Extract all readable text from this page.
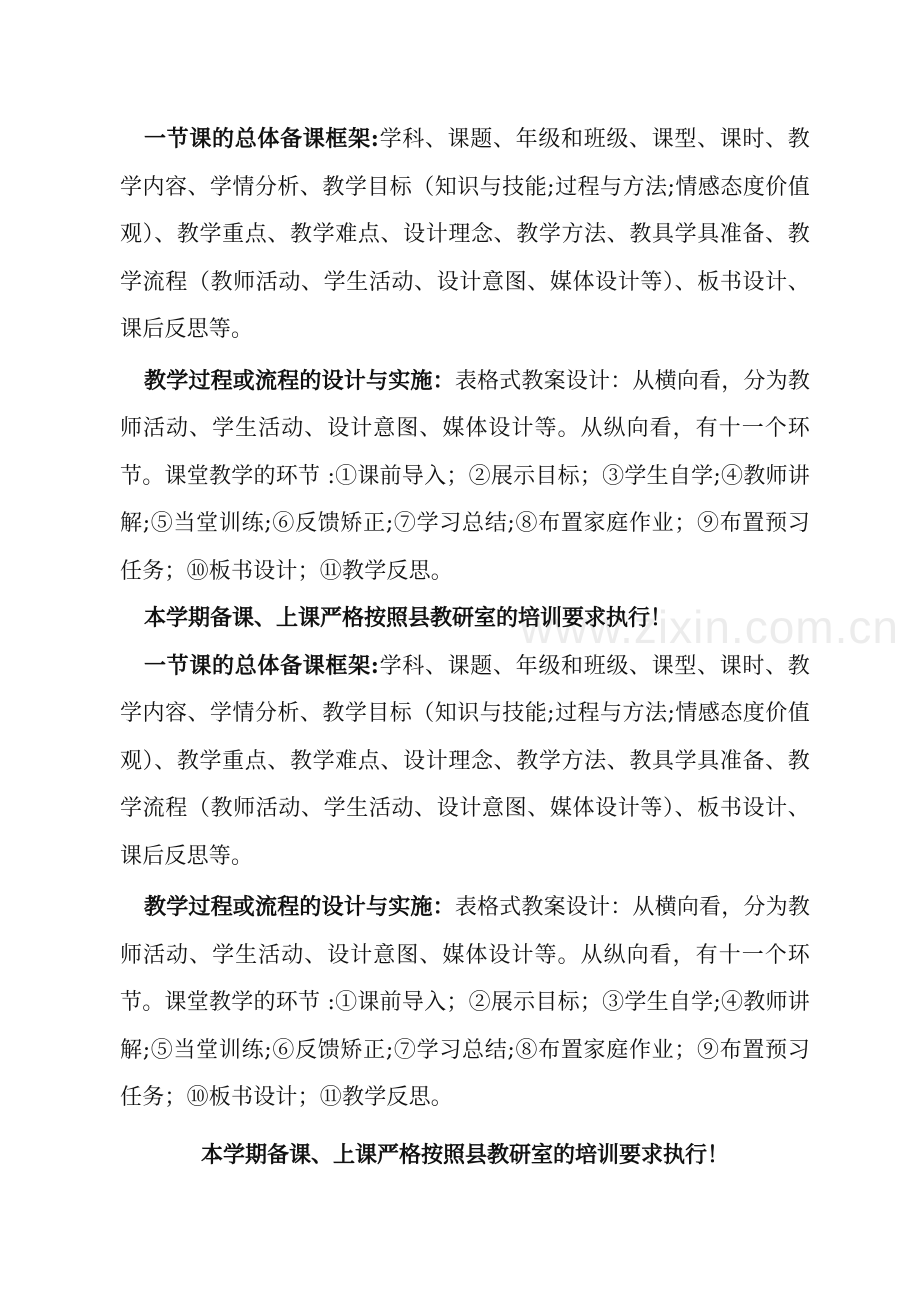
www.zixin.com.cn

一节课的总体备课框架:学科、课题、年级和班级、课型、课时、教学内容、学情分析、教学目标（知识与技能;过程与方法;情感态度价值观）、教学重点、教学难点、设计理念、教学方法、教具学具准备、教学流程（教师活动、学生活动、设计意图、媒体设计等）、板书设计、课后反思等。

教学过程或流程的设计与实施：表格式教案设计：从横向看，分为教师活动、学生活动、设计意图、媒体设计等。从纵向看，有十一个环节。课堂教学的环节 :①课前导入；②展示目标；③学生自学;④教师讲解;⑤当堂训练;⑥反馈矫正;⑦学习总结;⑧布置家庭作业；⑨布置预习任务；⑩板书设计；⑪教学反思。

本学期备课、上课严格按照县教研室的培训要求执行！

一节课的总体备课框架:学科、课题、年级和班级、课型、课时、教学内容、学情分析、教学目标（知识与技能;过程与方法;情感态度价值观）、教学重点、教学难点、设计理念、教学方法、教具学具准备、教学流程（教师活动、学生活动、设计意图、媒体设计等）、板书设计、课后反思等。

教学过程或流程的设计与实施：表格式教案设计：从横向看，分为教师活动、学生活动、设计意图、媒体设计等。从纵向看，有十一个环节。课堂教学的环节 :①课前导入；②展示目标；③学生自学;④教师讲解;⑤当堂训练;⑥反馈矫正;⑦学习总结;⑧布置家庭作业；⑨布置预习任务；⑩板书设计；⑪教学反思。

本学期备课、上课严格按照县教研室的培训要求执行！
